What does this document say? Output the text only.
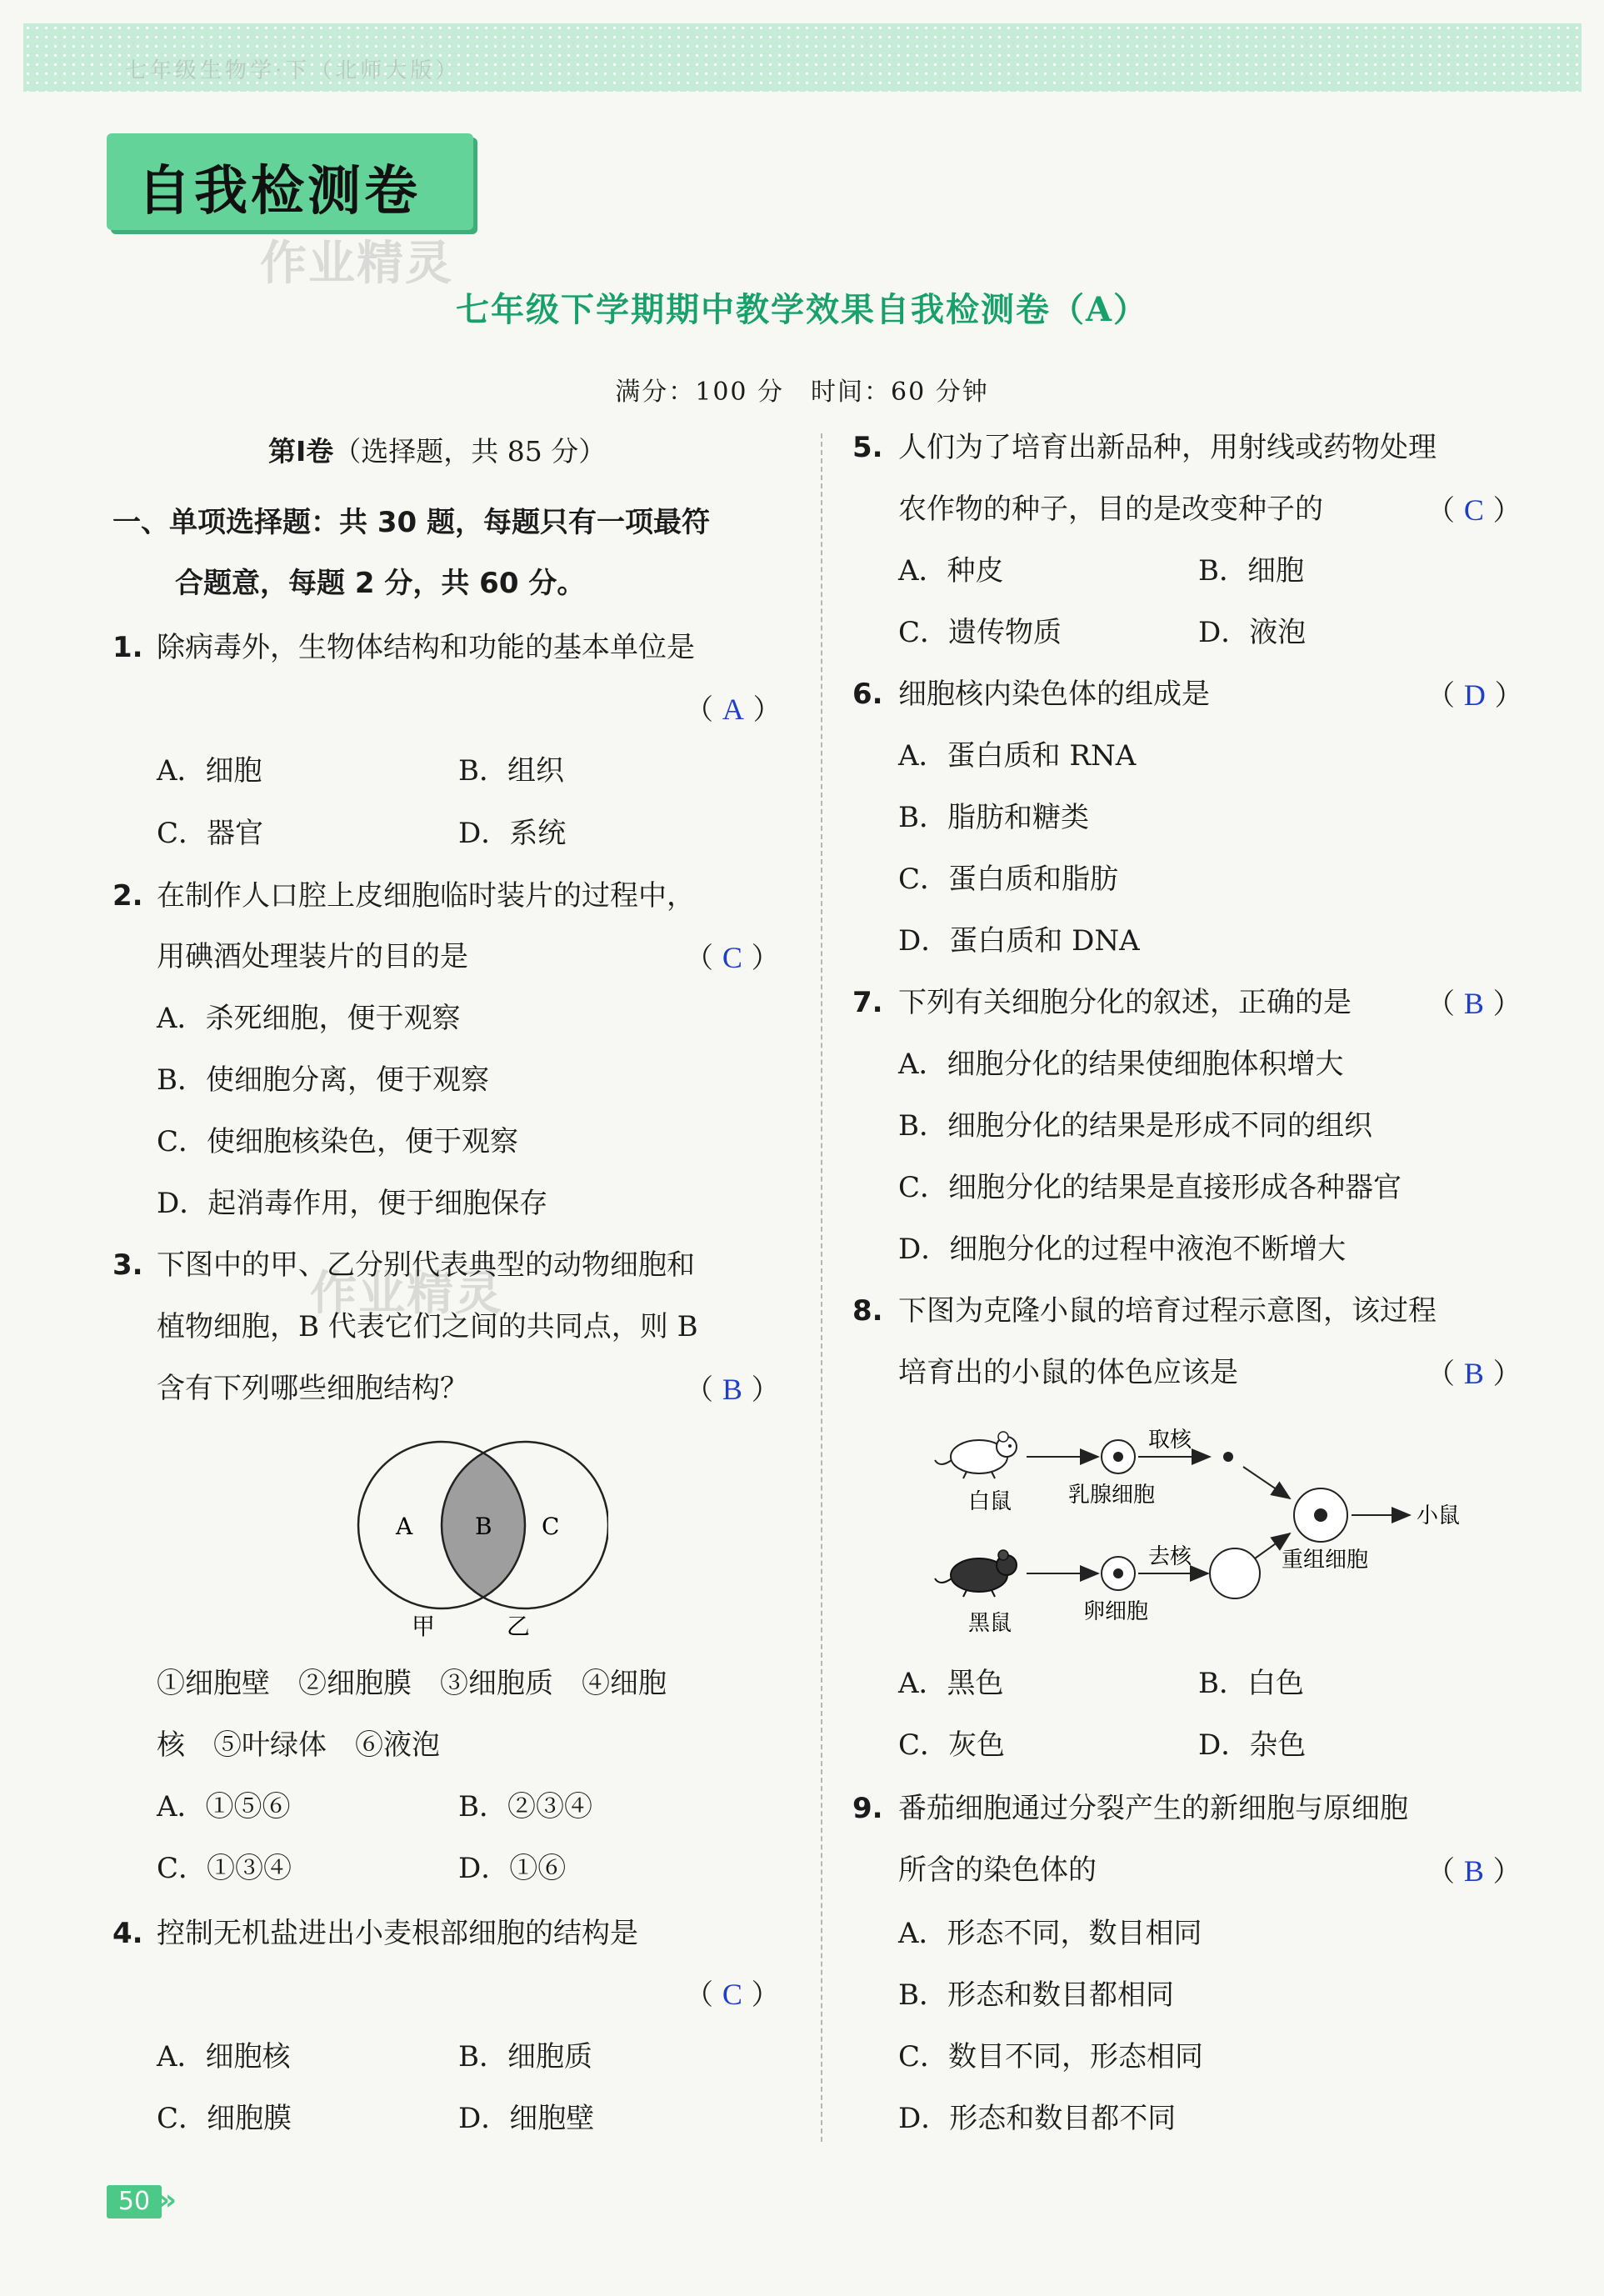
七年级生物学·下（北师大版）
自我检测卷
作业精灵
作业精灵
七年级下学期期中教学效果自我检测卷（A）
满分：100 分　时间：60 分钟
第Ⅰ卷（选择题，共 85 分）
一、单项选择题：共 30 题，每题只有一项最符
合题意，每题 2 分，共 60 分。
1. 除病毒外，生物体结构和功能的基本单位是
（ A ）
A．细胞	B．组织
C．器官	D．系统
2. 在制作人口腔上皮细胞临时装片的过程中，
用碘酒处理装片的目的是	（ C ）
A．杀死细胞，便于观察
B．使细胞分离，便于观察
C．使细胞核染色，便于观察
D．起消毒作用，便于细胞保存
3. 下图中的甲、乙分别代表典型的动物细胞和
植物细胞，B 代表它们之间的共同点，则 B
含有下列哪些细胞结构？	（ B ）
A	B C
甲	乙
①细胞壁　②细胞膜　③细胞质　④细胞
核　⑤叶绿体　⑥液泡
A．①⑤⑥	B．②③④
C．①③④	D．①⑥
4. 控制无机盐进出小麦根部细胞的结构是
（ C ）
A．细胞核	B．细胞质
C．细胞膜	D．细胞壁
5. 人们为了培育出新品种，用射线或药物处理
农作物的种子，目的是改变种子的	（ C ）
A．种皮	B．细胞
C．遗传物质	D．液泡
6. 细胞核内染色体的组成是	（ D ）
A．蛋白质和 RNA
B．脂肪和糖类
C．蛋白质和脂肪
D．蛋白质和 DNA
7. 下列有关细胞分化的叙述，正确的是	（ B ）
A．细胞分化的结果使细胞体积增大
B．细胞分化的结果是形成不同的组织
C．细胞分化的结果是直接形成各种器官
D．细胞分化的过程中液泡不断增大
8. 下图为克隆小鼠的培育过程示意图，该过程
培育出的小鼠的体色应该是	（ B ）
白鼠	乳腺细胞
取核
黑鼠	卵细胞
去核	重组细胞
小鼠
A．黑色	B．白色
C．灰色	D．杂色
9. 番茄细胞通过分裂产生的新细胞与原细胞
所含的染色体的	（ B ）
A．形态不同，数目相同
B．形态和数目都相同
C．数目不同，形态相同
D．形态和数目都不同
50 »
